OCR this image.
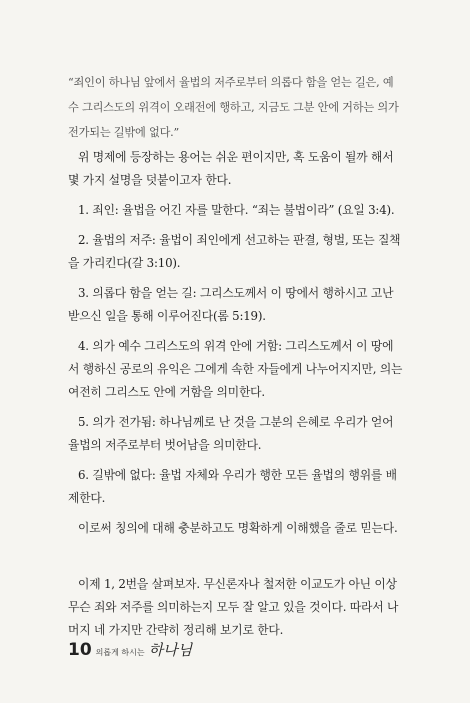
“죄인이 하나님 앞에서 율법의 저주로부터 의롭다 함을 얻는 길은, 예
수 그리스도의 위격이 오래전에 행하고, 지금도 그분 안에 거하는 의가
전가되는 길밖에 없다.”
위 명제에 등장하는 용어는 쉬운 편이지만, 혹 도움이 될까 해서
몇 가지 설명을 덧붙이고자 한다.
1. 죄인: 율법을 어긴 자를 말한다. “죄는 불법이라” (요일 3:4).
2. 율법의 저주: 율법이 죄인에게 선고하는 판결, 형벌, 또는 질책
을 가리킨다(갈 3:10).
3. 의롭다 함을 얻는 길: 그리스도께서 이 땅에서 행하시고 고난
받으신 일을 통해 이루어진다(롬 5:19).
4. 의가 예수 그리스도의 위격 안에 거함: 그리스도께서 이 땅에
서 행하신 공로의 유익은 그에게 속한 자들에게 나누어지지만, 의는
여전히 그리스도 안에 거함을 의미한다.
5. 의가 전가됨: 하나님께로 난 것을 그분의 은혜로 우리가 얻어
율법의 저주로부터 벗어남을 의미한다.
6. 길밖에 없다: 율법 자체와 우리가 행한 모든 율법의 행위를 배
제한다.
이로써 칭의에 대해 충분하고도 명확하게 이해했을 줄로 믿는다.
이제 1, 2번을 살펴보자. 무신론자나 철저한 이교도가 아닌 이상
무슨 죄와 저주를 의미하는지 모두 잘 알고 있을 것이다. 따라서 나
머지 네 가지만 간략히 정리해 보기로 한다.
10 의롭게 하시는 하나님
